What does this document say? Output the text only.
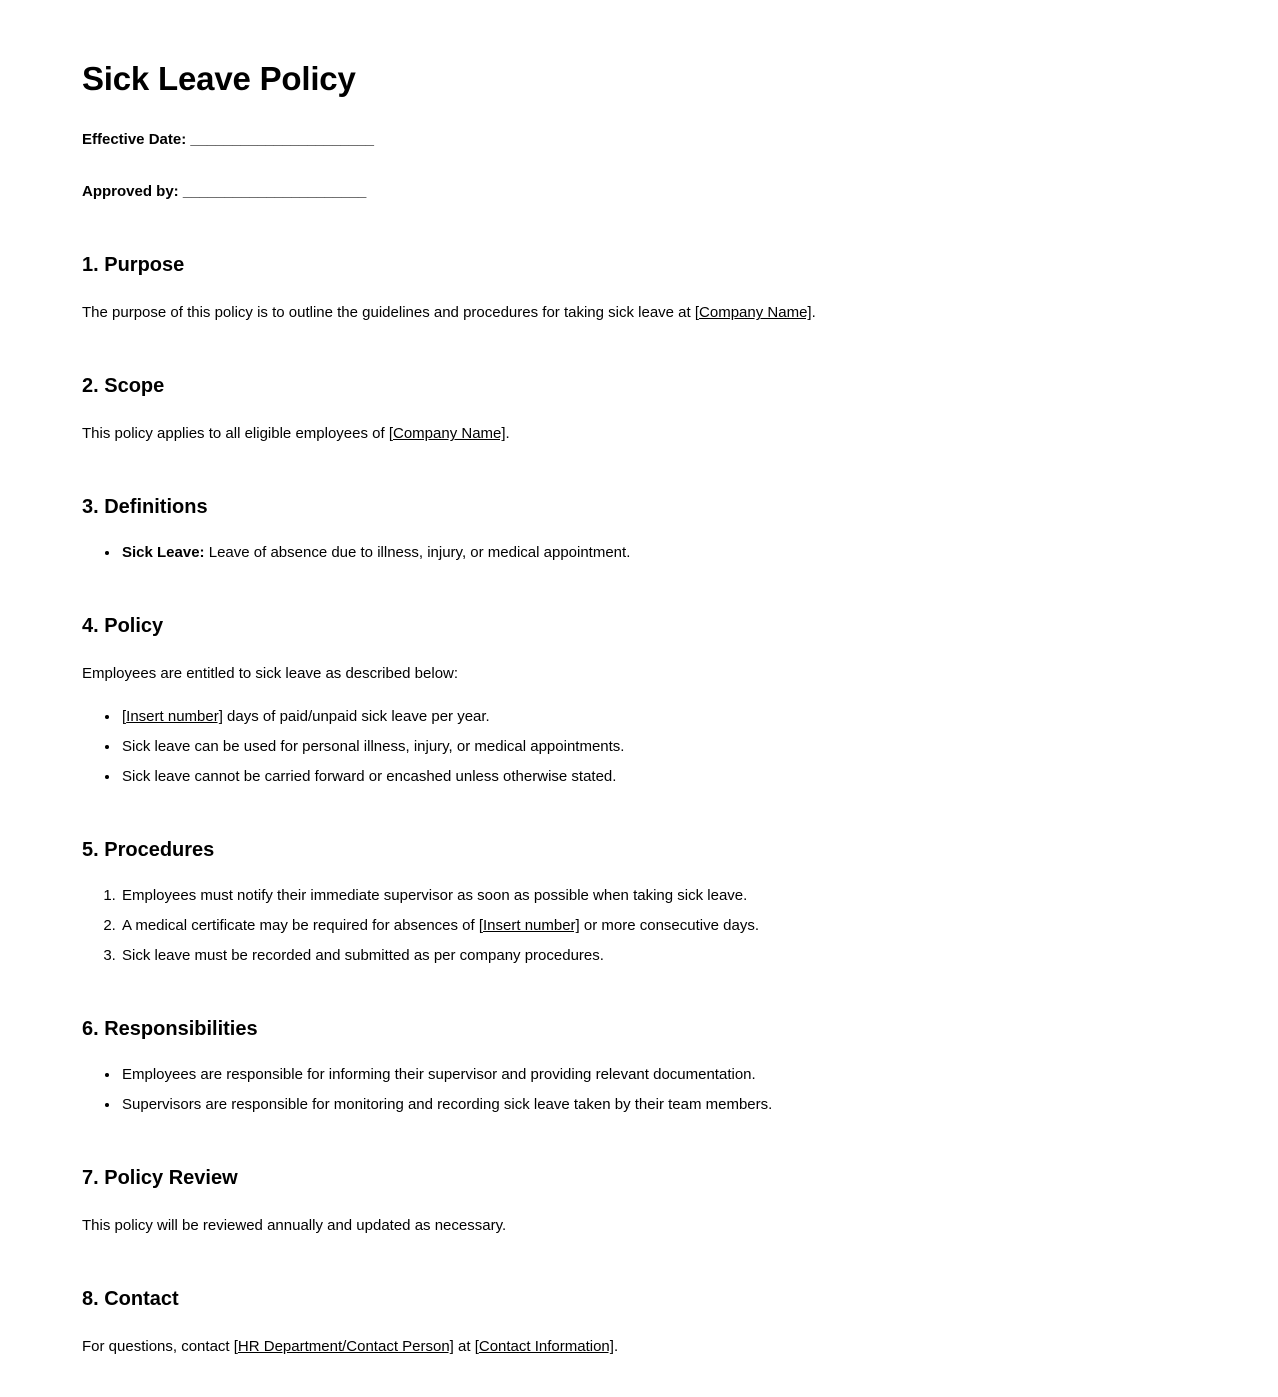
Sick Leave Policy
Effective Date: ______________________
Approved by: ______________________
1. Purpose

The purpose of this policy is to outline the guidelines and procedures for taking sick leave at [Company Name].

2. Scope

This policy applies to all eligible employees of [Company Name].

3. Definitions
• Sick Leave: Leave of absence due to illness, injury, or medical appointment.
4. Policy

Employees are entitled to sick leave as described below:

• [Insert number] days of paid/unpaid sick leave per year.
• Sick leave can be used for personal illness, injury, or medical appointments.
• Sick leave cannot be carried forward or encashed unless otherwise stated.
5. Procedures
1. Employees must notify their immediate supervisor as soon as possible when taking sick leave.
2. A medical certificate may be required for absences of [Insert number] or more consecutive days.
3. Sick leave must be recorded and submitted as per company procedures.
6. Responsibilities
• Employees are responsible for informing their supervisor and providing relevant documentation.
• Supervisors are responsible for monitoring and recording sick leave taken by their team members.
7. Policy Review

This policy will be reviewed annually and updated as necessary.

8. Contact

For questions, contact [HR Department/Contact Person] at [Contact Information].
